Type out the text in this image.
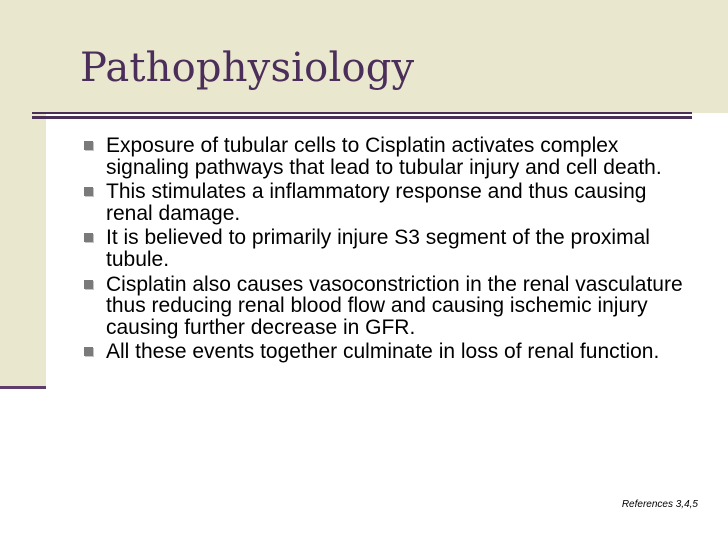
Pathophysiology
Exposure of tubular cells to Cisplatin activates complex signaling pathways that lead to tubular injury and cell death.
This stimulates a inflammatory response and thus causing renal damage.
It is believed to primarily injure S3 segment of the proximal tubule.
Cisplatin also causes vasoconstriction in the renal vasculature thus reducing renal blood flow and causing ischemic injury causing further decrease in GFR.
All these events together culminate in loss of renal function.
References 3,4,5
